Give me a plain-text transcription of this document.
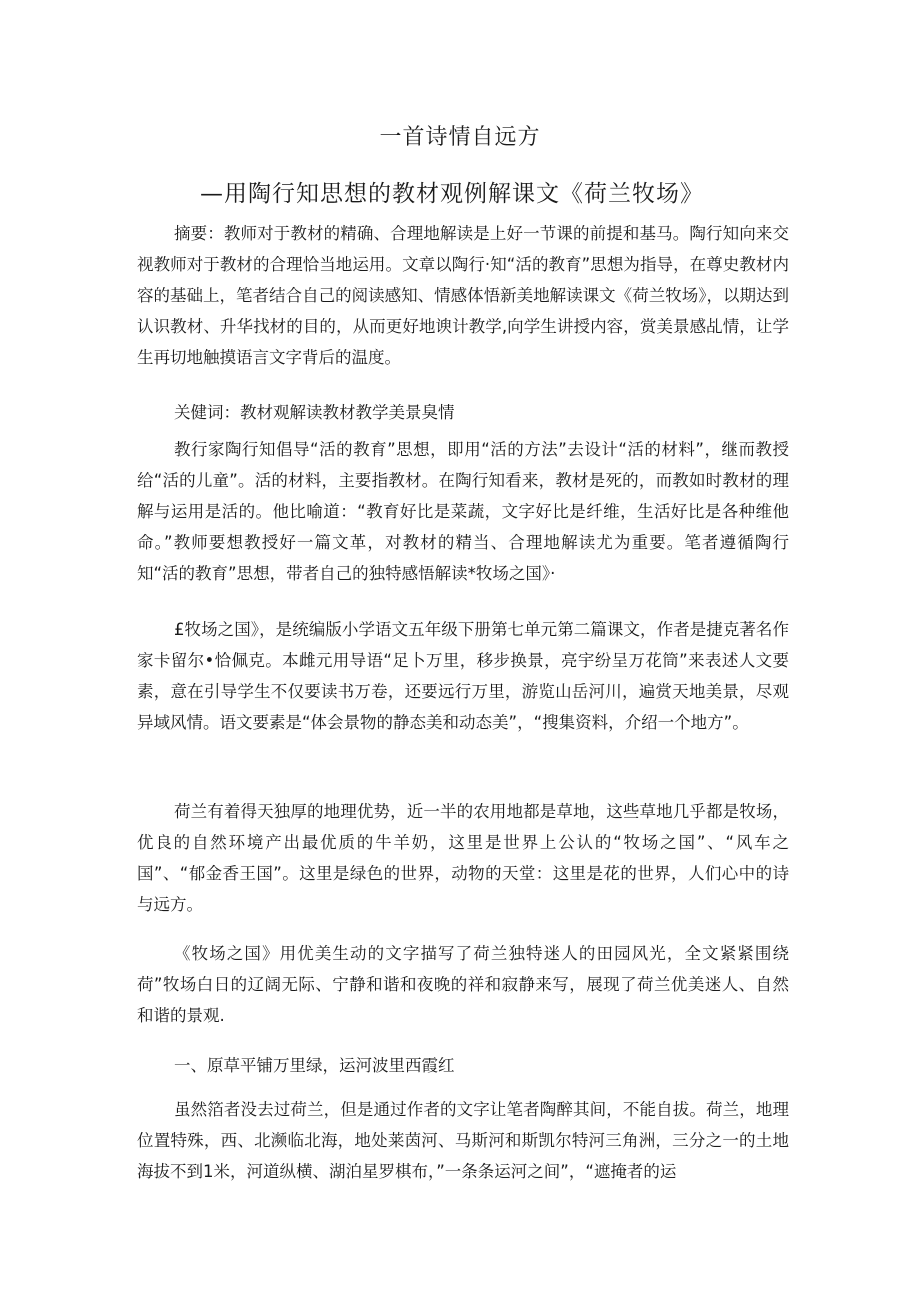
一首诗情自远方
—用陶行知思想的教材观例解课文《荷兰牧场》

摘要：教师对于教材的精确、合理地解读是上好一节课的前提和基马。陶行知向来交视教师对于教材的合理恰当地运用。文章以陶行·知“活的教育”思想为指导，在尊史教材内容的基础上，笔者结合自己的阅读感知、情感体悟新美地解读课文《荷兰牧场》，以期达到认识教材、升华找材的目的，从而更好地谀计教学,向学生讲授内容，赏美景感乩情，让学生再切地触摸语言文字背后的温度。

关健词：教材观解读教材教学美景臭情

教行家陶行知倡导“活的教育”思想，即用“活的方法”去设计“活的材料”，继而教授给“活的儿童”。活的材料，主要指教材。在陶行知看来，教材是死的，而教如时教材的理解与运用是活的。他比喻道：“教育好比是菜蔬，文字好比是纤维，生活好比是各种维他命。”教师要想教授好一篇文革，对教材的精当、合理地解读尤为重要。笔者遵循陶行知“活的教育”思想，带者自己的独特感悟解读*牧场之国》·

£牧场之国》，是统编版小学语文五年级下册第七单元第二篇课文，作者是捷克著名作家卡留尔•恰佩克。本雌元用导语“足卜万里，移步换景，亮宇纷呈万花筒”来表述人文要素，意在引导学生不仅要读书万卷，还要远行万里，游览山岳河川，遍赏天地美景，尽观异域风情。语文要素是“体会景物的静态美和动态美”，“搜集资料，介绍一个地方”。

荷兰有着得天独厚的地理优势，近一半的农用地都是草地，这些草地几乎都是牧场，优良的自然环境产出最优质的牛羊奶，这里是世界上公认的“牧场之国”、“风车之国”、“郁金香王国”。这里是绿色的世界，动物的天堂：这里是花的世界，人们心中的诗与远方。

《牧场之国》用优美生动的文字描写了荷兰独特迷人的田园风光，全文紧紧围绕荷”牧场白日的辽阔无际、宁静和谐和夜晚的祥和寂静来写，展现了荷兰优美迷人、自然和谐的景观.

一、原草平铺万里绿，运河波里西霞红

虽然箔者没去过荷兰，但是通过作者的文字让笔者陶醉其间，不能自拔。荷兰，地理位置特殊，西、北濒临北海，地处莱茵河、马斯河和斯凯尔特河三角洲，三分之一的土地海拔不到1米，河道纵横、湖泊星罗棋布，”一条条运河之间”，“遮掩者的运
